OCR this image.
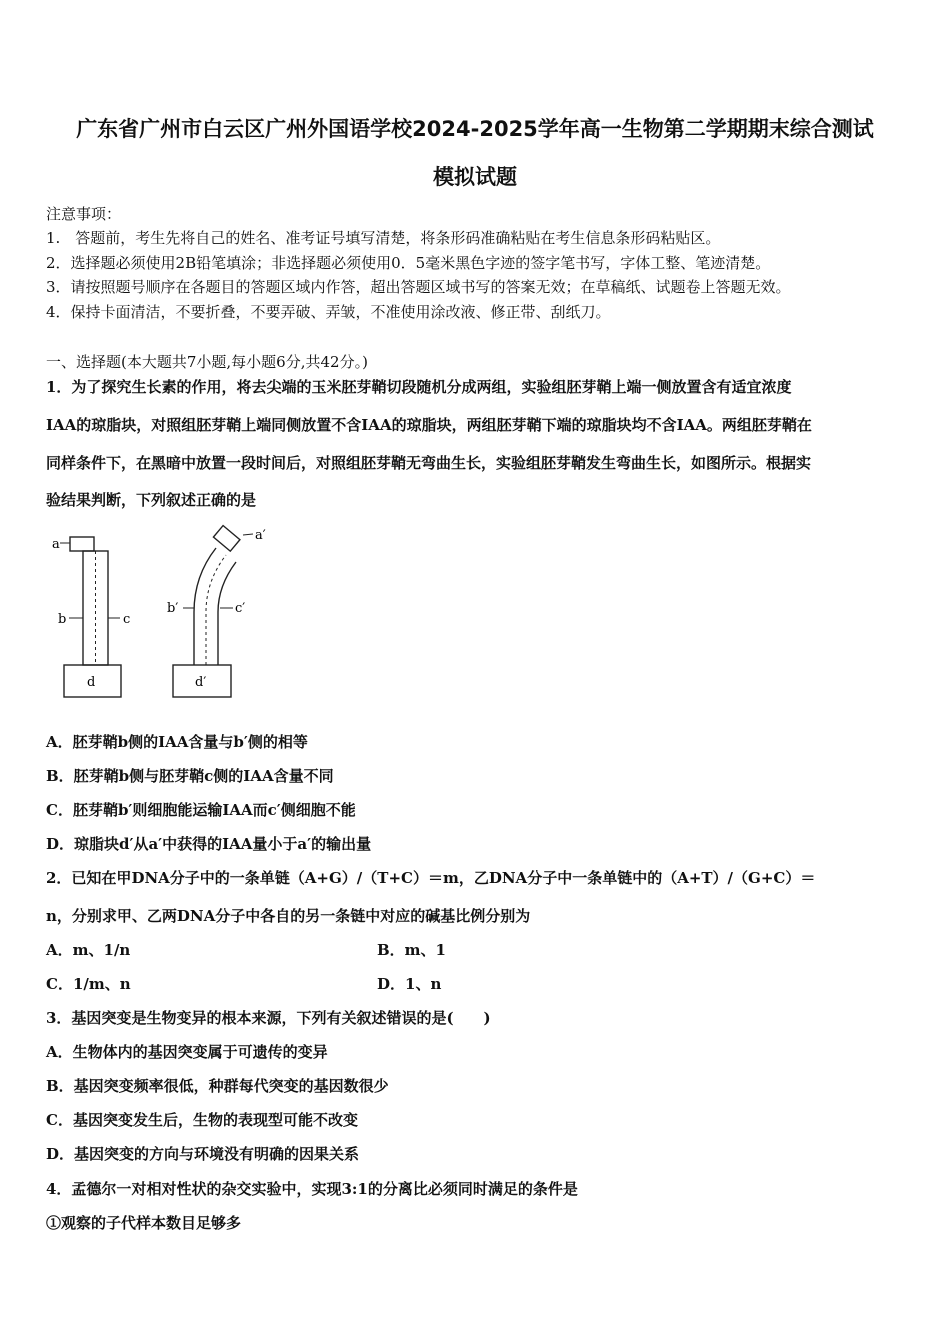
广东省广州市白云区广州外国语学校2024-2025学年高一生物第二学期期末综合测试
模拟试题
注意事项：
1.　答题前，考生先将自己的姓名、准考证号填写清楚，将条形码准确粘贴在考生信息条形码粘贴区。
2．选择题必须使用2B铅笔填涂；非选择题必须使用0．5毫米黑色字迹的签字笔书写，字体工整、笔迹清楚。
3．请按照题号顺序在各题目的答题区域内作答，超出答题区域书写的答案无效；在草稿纸、试题卷上答题无效。
4．保持卡面清洁，不要折叠，不要弄破、弄皱，不准使用涂改液、修正带、刮纸刀。
一、选择题(本大题共7小题,每小题6分,共42分。)
1．为了探究生长素的作用，将去尖端的玉米胚芽鞘切段随机分成两组，实验组胚芽鞘上端一侧放置含有适宜浓度
IAA的琼脂块，对照组胚芽鞘上端同侧放置不含IAA的琼脂块，两组胚芽鞘下端的琼脂块均不含IAA。两组胚芽鞘在
同样条件下，在黑暗中放置一段时间后，对照组胚芽鞘无弯曲生长，实验组胚芽鞘发生弯曲生长，如图所示。根据实
验结果判断，下列叙述正确的是
a
b	c
d
a′
b′	c′
d′
A．胚芽鞘b侧的IAA含量与b′侧的相等
B．胚芽鞘b侧与胚芽鞘c侧的IAA含量不同
C．胚芽鞘b′则细胞能运输IAA而c′侧细胞不能
D．琼脂块d′从a′中获得的IAA量小于a′的输出量
2．已知在甲DNA分子中的一条单链（A+G）/（T+C）＝m，乙DNA分子中一条单链中的（A+T）/（G+C）＝
n，分别求甲、乙两DNA分子中各自的另一条链中对应的碱基比例分别为
A．m、1/n	B．m、1
C．1/m、n	D．1、n
3．基因突变是生物变异的根本来源，下列有关叙述错误的是(　　)
A．生物体内的基因突变属于可遗传的变异
B．基因突变频率很低，种群每代突变的基因数很少
C．基因突变发生后，生物的表现型可能不改变
D．基因突变的方向与环境没有明确的因果关系
4．孟德尔一对相对性状的杂交实验中，实现3:1的分离比必须同时满足的条件是
①观察的子代样本数目足够多
